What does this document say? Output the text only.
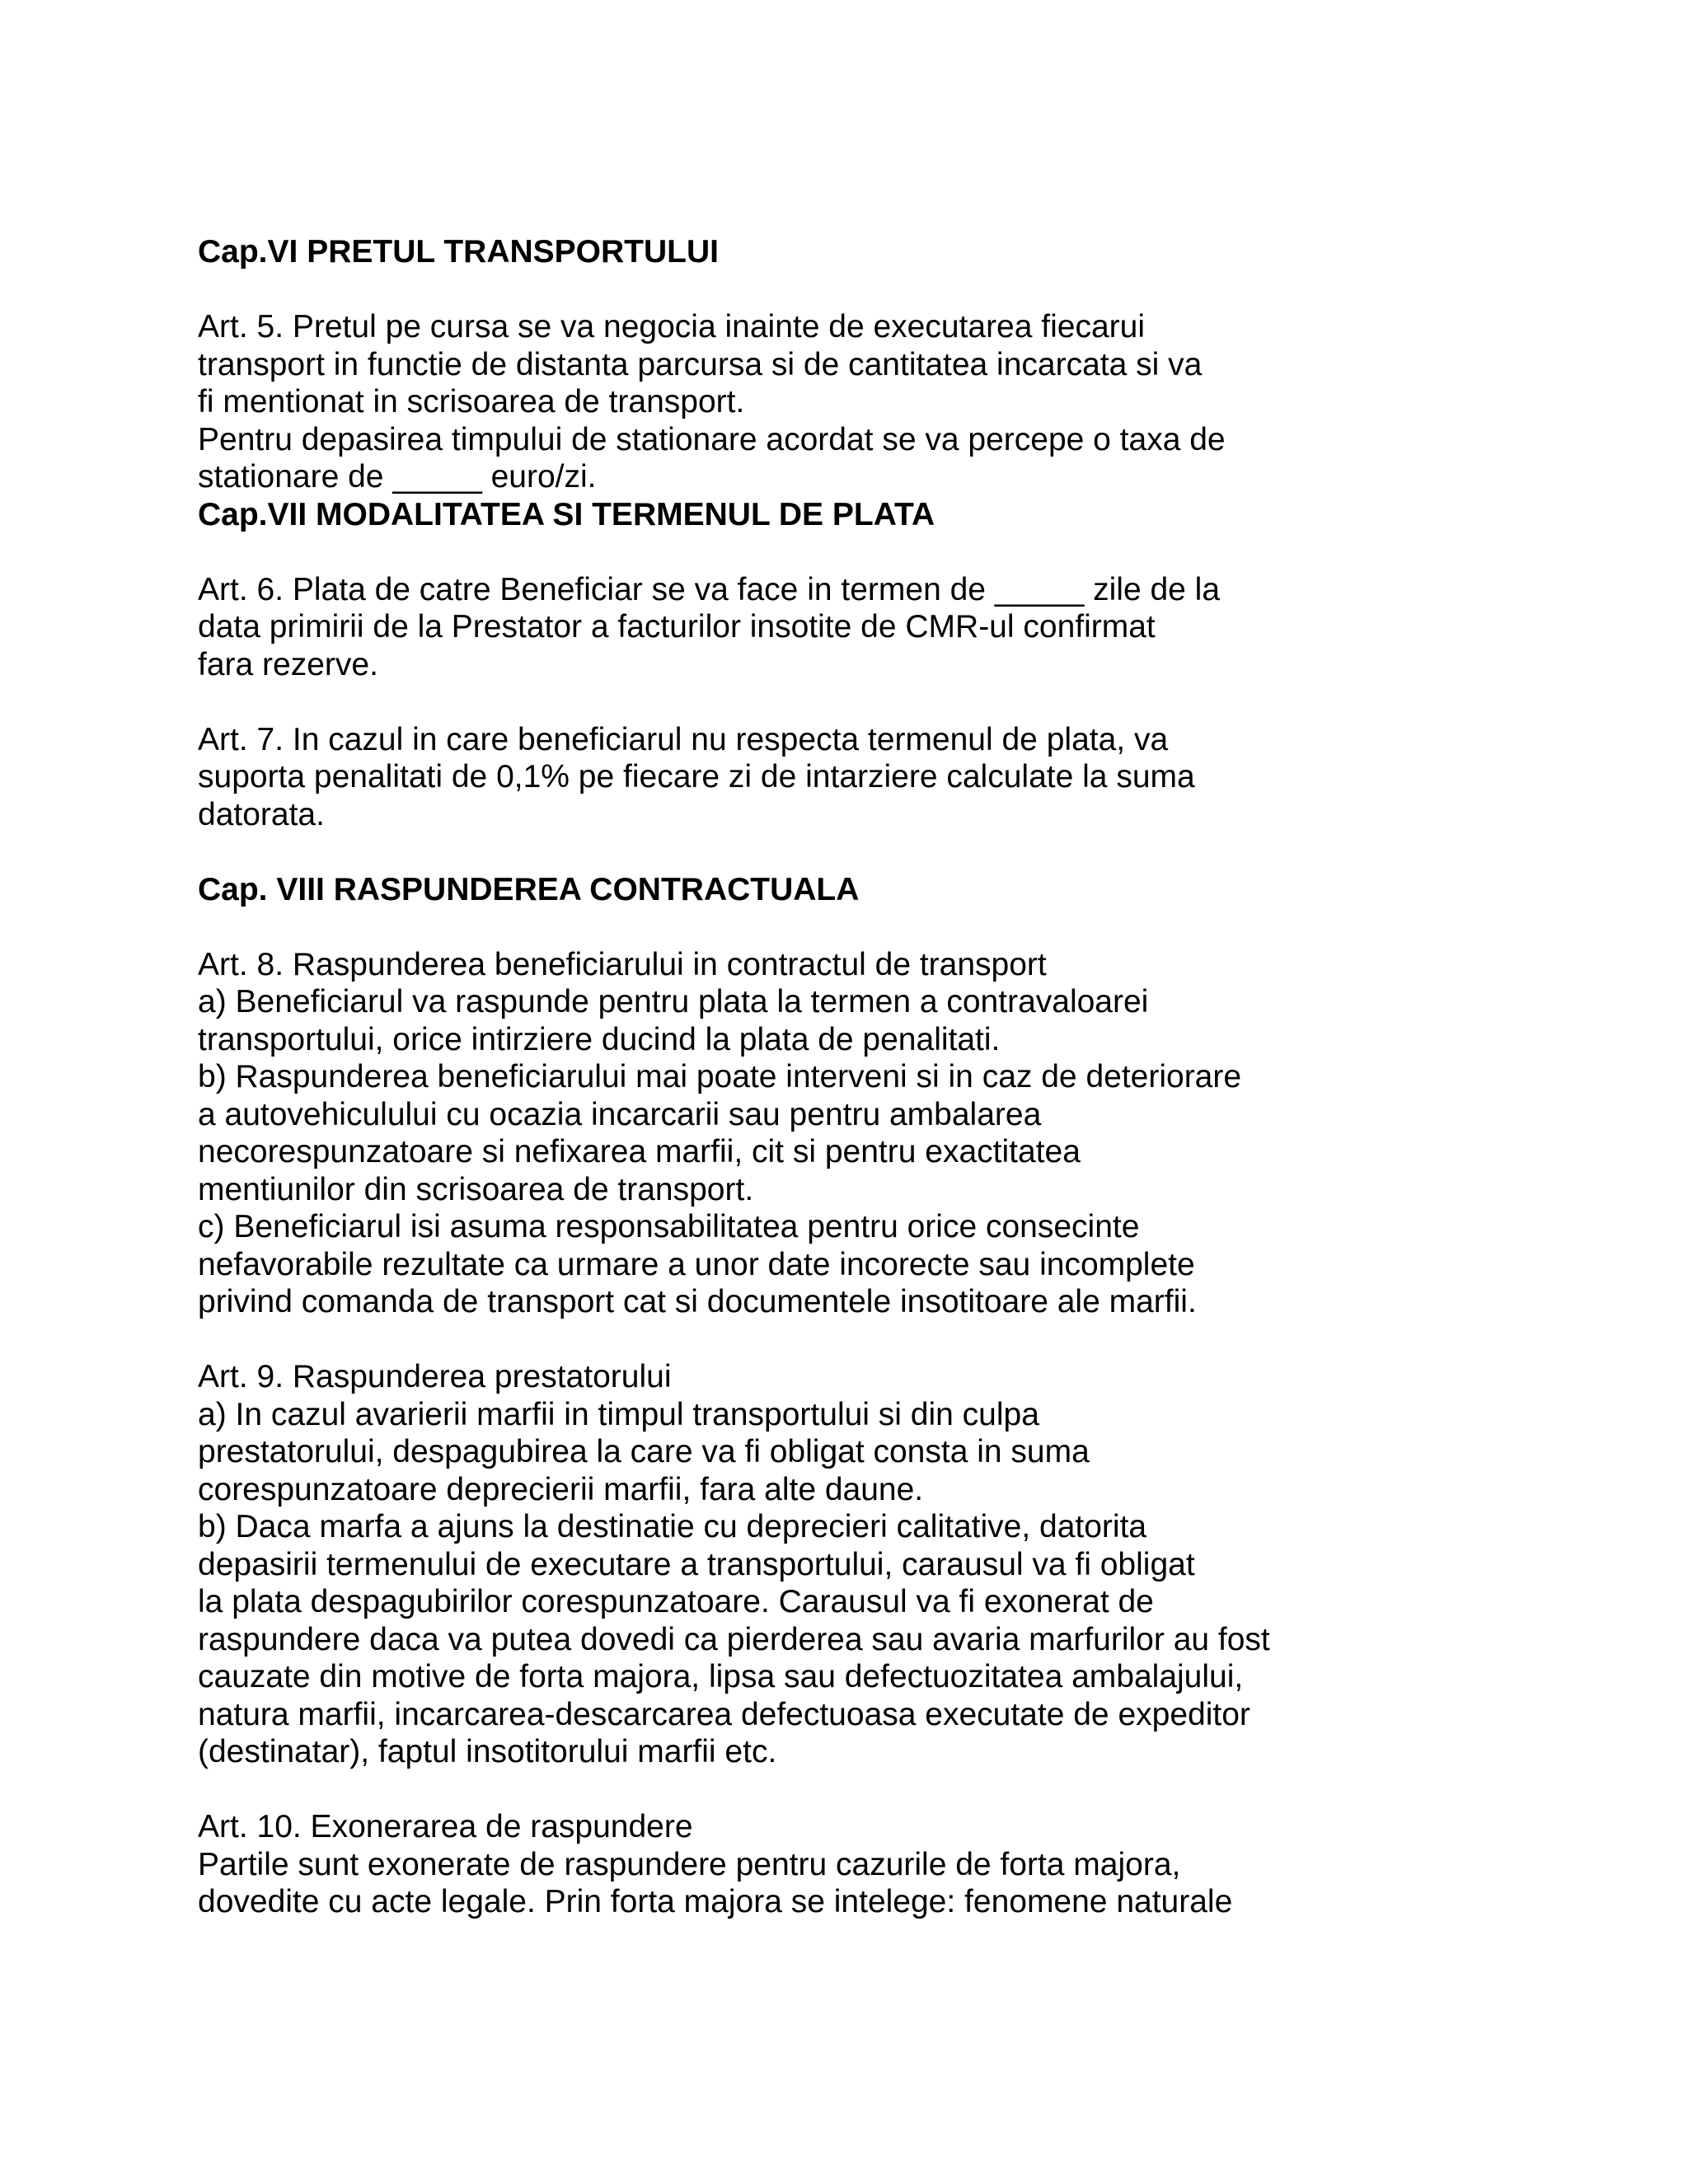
Cap.VI PRETUL TRANSPORTULUI
Art. 5. Pretul pe cursa se va negocia inainte de executarea fiecarui
transport in functie de distanta parcursa si de cantitatea incarcata si va
fi mentionat in scrisoarea de transport.
Pentru depasirea timpului de stationare acordat se va percepe o taxa de
stationare de _____ euro/zi.
Cap.VII MODALITATEA SI TERMENUL DE PLATA
Art. 6. Plata de catre Beneficiar se va face in termen de _____ zile de la
data primirii de la Prestator a facturilor insotite de CMR-ul confirmat
fara rezerve.
Art. 7. In cazul in care beneficiarul nu respecta termenul de plata, va
suporta penalitati de 0,1% pe fiecare zi de intarziere calculate la suma
datorata.
Cap. VIII RASPUNDEREA CONTRACTUALA
Art. 8. Raspunderea beneficiarului in contractul de transport
a) Beneficiarul va raspunde pentru plata la termen a contravaloarei
transportului, orice intirziere ducind la plata de penalitati.
b) Raspunderea beneficiarului mai poate interveni si in caz de deteriorare
a autovehiculului cu ocazia incarcarii sau pentru ambalarea
necorespunzatoare si nefixarea marfii, cit si pentru exactitatea
mentiunilor din scrisoarea de transport.
c) Beneficiarul isi asuma responsabilitatea pentru orice consecinte
nefavorabile rezultate ca urmare a unor date incorecte sau incomplete
privind comanda de transport cat si documentele insotitoare ale marfii.
Art. 9. Raspunderea prestatorului
a) In cazul avarierii marfii in timpul transportului si din culpa
prestatorului, despagubirea la care va fi obligat consta in suma
corespunzatoare deprecierii marfii, fara alte daune.
b) Daca marfa a ajuns la destinatie cu deprecieri calitative, datorita
depasirii termenului de executare a transportului, carausul va fi obligat
la plata despagubirilor corespunzatoare. Carausul va fi exonerat de
raspundere daca va putea dovedi ca pierderea sau avaria marfurilor au fost
cauzate din motive de forta majora, lipsa sau defectuozitatea ambalajului,
natura marfii, incarcarea-descarcarea defectuoasa executate de expeditor
(destinatar), faptul insotitorului marfii etc.
Art. 10. Exonerarea de raspundere
Partile sunt exonerate de raspundere pentru cazurile de forta majora,
dovedite cu acte legale. Prin forta majora se intelege: fenomene naturale
